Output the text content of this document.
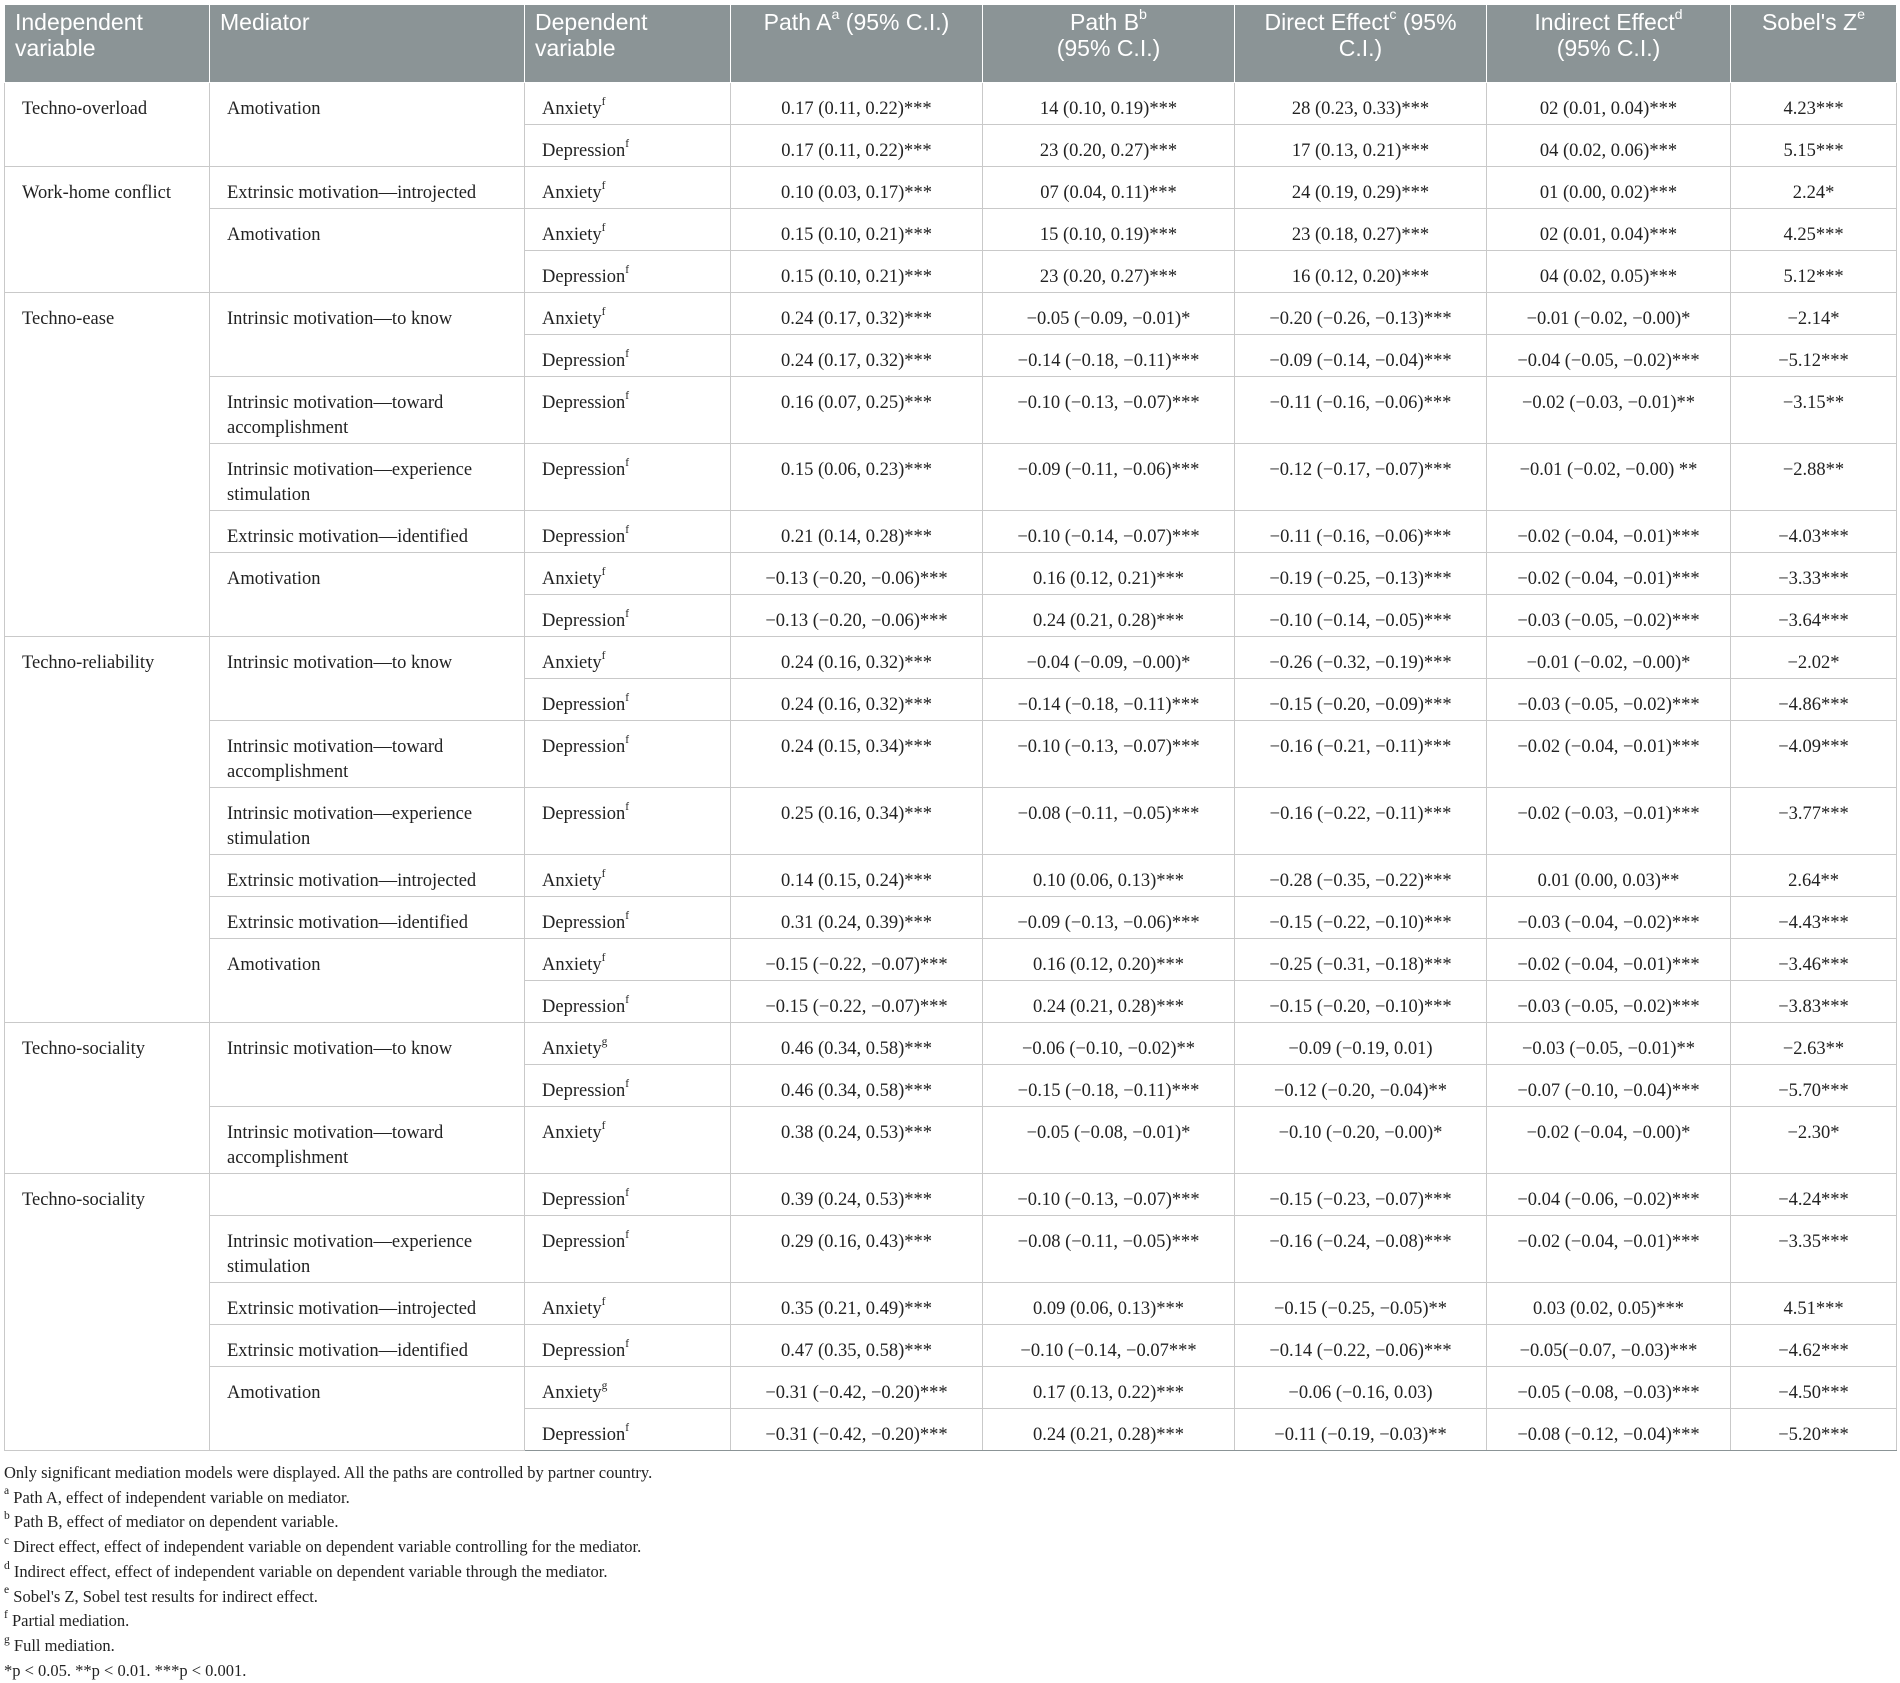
Independent variable	Mediator	Dependent variable	Path $A^a$ (95% C.I.)	Path $B^b$
(95% C.I.)	Direct Effect$^c$ (95% C.I.)	Indirect Effect$^d$
(95% C.I.)	Sobel's $Z^e$
Techno-overload	Amotivation	Anxiety$^f$	0.17 (0.11, 0.22)***	14 (0.10, 0.19)***	28 (0.23, 0.33)***	02 (0.01, 0.04)***	4.23***
		Depression$^f$	0.17 (0.11, 0.22)***	23 (0.20, 0.27)***	17 (0.13, 0.21)***	04 (0.02, 0.06)***	5.15***
Work-home conflict	Extrinsic motivation—introjected	Anxiety$^f$	0.10 (0.03, 0.17)***	07 (0.04, 0.11)***	24 (0.19, 0.29)***	01 (0.00, 0.02)***	2.24*
	Amotivation	Anxiety$^f$	0.15 (0.10, 0.21)***	15 (0.10, 0.19)***	23 (0.18, 0.27)***	02 (0.01, 0.04)***	4.25***
		Depression$^f$	0.15 (0.10, 0.21)***	23 (0.20, 0.27)***	16 (0.12, 0.20)***	04 (0.02, 0.05)***	5.12***
Techno-ease	Intrinsic motivation—to know	Anxiety$^f$	0.24 (0.17, 0.32)***	−0.05 (−0.09, −0.01)*	−0.20 (−0.26, −0.13)***	−0.01 (−0.02, −0.00)*	−2.14*
		Depression$^f$	0.24 (0.17, 0.32)***	−0.14 (−0.18, −0.11)***	−0.09 (−0.14, −0.04)***	−0.04 (−0.05, −0.02)***	−5.12***
	Intrinsic motivation—toward accomplishment	Depression$^f$	0.16 (0.07, 0.25)***	−0.10 (−0.13, −0.07)***	−0.11 (−0.16, −0.06)***	−0.02 (−0.03, −0.01)**	−3.15**
	Intrinsic motivation—experience stimulation	Depression$^f$	0.15 (0.06, 0.23)***	−0.09 (−0.11, −0.06)***	−0.12 (−0.17, −0.07)***	−0.01 (−0.02, −0.00) **	−2.88**
	Extrinsic motivation—identified	Depression$^f$	0.21 (0.14, 0.28)***	−0.10 (−0.14, −0.07)***	−0.11 (−0.16, −0.06)***	−0.02 (−0.04, −0.01)***	−4.03***
	Amotivation	Anxiety$^f$	−0.13 (−0.20, −0.06)***	0.16 (0.12, 0.21)***	−0.19 (−0.25, −0.13)***	−0.02 (−0.04, −0.01)***	−3.33***
		Depression$^f$	−0.13 (−0.20, −0.06)***	0.24 (0.21, 0.28)***	−0.10 (−0.14, −0.05)***	−0.03 (−0.05, −0.02)***	−3.64***
Techno-reliability	Intrinsic motivation—to know	Anxiety$^f$	0.24 (0.16, 0.32)***	−0.04 (−0.09, −0.00)*	−0.26 (−0.32, −0.19)***	−0.01 (−0.02, −0.00)*	−2.02*
		Depression$^f$	0.24 (0.16, 0.32)***	−0.14 (−0.18, −0.11)***	−0.15 (−0.20, −0.09)***	−0.03 (−0.05, −0.02)***	−4.86***
	Intrinsic motivation—toward accomplishment	Depression$^f$	0.24 (0.15, 0.34)***	−0.10 (−0.13, −0.07)***	−0.16 (−0.21, −0.11)***	−0.02 (−0.04, −0.01)***	−4.09***
	Intrinsic motivation—experience stimulation	Depression$^f$	0.25 (0.16, 0.34)***	−0.08 (−0.11, −0.05)***	−0.16 (−0.22, −0.11)***	−0.02 (−0.03, −0.01)***	−3.77***
	Extrinsic motivation—introjected	Anxiety$^f$	0.14 (0.15, 0.24)***	0.10 (0.06, 0.13)***	−0.28 (−0.35, −0.22)***	0.01 (0.00, 0.03)**	2.64**
	Extrinsic motivation—identified	Depression$^f$	0.31 (0.24, 0.39)***	−0.09 (−0.13, −0.06)***	−0.15 (−0.22, −0.10)***	−0.03 (−0.04, −0.02)***	−4.43***
	Amotivation	Anxiety$^f$	−0.15 (−0.22, −0.07)***	0.16 (0.12, 0.20)***	−0.25 (−0.31, −0.18)***	−0.02 (−0.04, −0.01)***	−3.46***
		Depression$^f$	−0.15 (−0.22, −0.07)***	0.24 (0.21, 0.28)***	−0.15 (−0.20, −0.10)***	−0.03 (−0.05, −0.02)***	−3.83***
Techno-sociality	Intrinsic motivation—to know	Anxiety$^g$	0.46 (0.34, 0.58)***	−0.06 (−0.10, −0.02)**	−0.09 (−0.19, 0.01)	−0.03 (−0.05, −0.01)**	−2.63**
		Depression$^f$	0.46 (0.34, 0.58)***	−0.15 (−0.18, −0.11)***	−0.12 (−0.20, −0.04)**	−0.07 (−0.10, −0.04)***	−5.70***
	Intrinsic motivation—toward accomplishment	Anxiety$^f$	0.38 (0.24, 0.53)***	−0.05 (−0.08, −0.01)*	−0.10 (−0.20, −0.00)*	−0.02 (−0.04, −0.00)*	−2.30*
Techno-sociality		Depression$^f$	0.39 (0.24, 0.53)***	−0.10 (−0.13, −0.07)***	−0.15 (−0.23, −0.07)***	−0.04 (−0.06, −0.02)***	−4.24***
	Intrinsic motivation—experience stimulation	Depression$^f$	0.29 (0.16, 0.43)***	−0.08 (−0.11, −0.05)***	−0.16 (−0.24, −0.08)***	−0.02 (−0.04, −0.01)***	−3.35***
	Extrinsic motivation—introjected	Anxiety$^f$	0.35 (0.21, 0.49)***	0.09 (0.06, 0.13)***	−0.15 (−0.25, −0.05)**	0.03 (0.02, 0.05)***	4.51***
	Extrinsic motivation—identified	Depression$^f$	0.47 (0.35, 0.58)***	−0.10 (−0.14, −0.07***	−0.14 (−0.22, −0.06)***	−0.05(−0.07, −0.03)***	−4.62***
	Amotivation	Anxiety$^g$	−0.31 (−0.42, −0.20)***	0.17 (0.13, 0.22)***	−0.06 (−0.16, 0.03)	−0.05 (−0.08, −0.03)***	−4.50***
		Depression$^f$	−0.31 (−0.42, −0.20)***	0.24 (0.21, 0.28)***	−0.11 (−0.19, −0.03)**	−0.08 (−0.12, −0.04)***	−5.20***
Only significant mediation models were displayed. All the paths are controlled by partner country.
$^a$ Path A, effect of independent variable on mediator.
$^b$ Path B, effect of mediator on dependent variable.
$^c$ Direct effect, effect of independent variable on dependent variable controlling for the mediator.
$^d$ Indirect effect, effect of independent variable on dependent variable through the mediator.
$^e$ Sobel's Z, Sobel test results for indirect effect.
$^f$ Partial mediation.
$^g$ Full mediation.
*p < 0.05. **p < 0.01. ***p < 0.001.
